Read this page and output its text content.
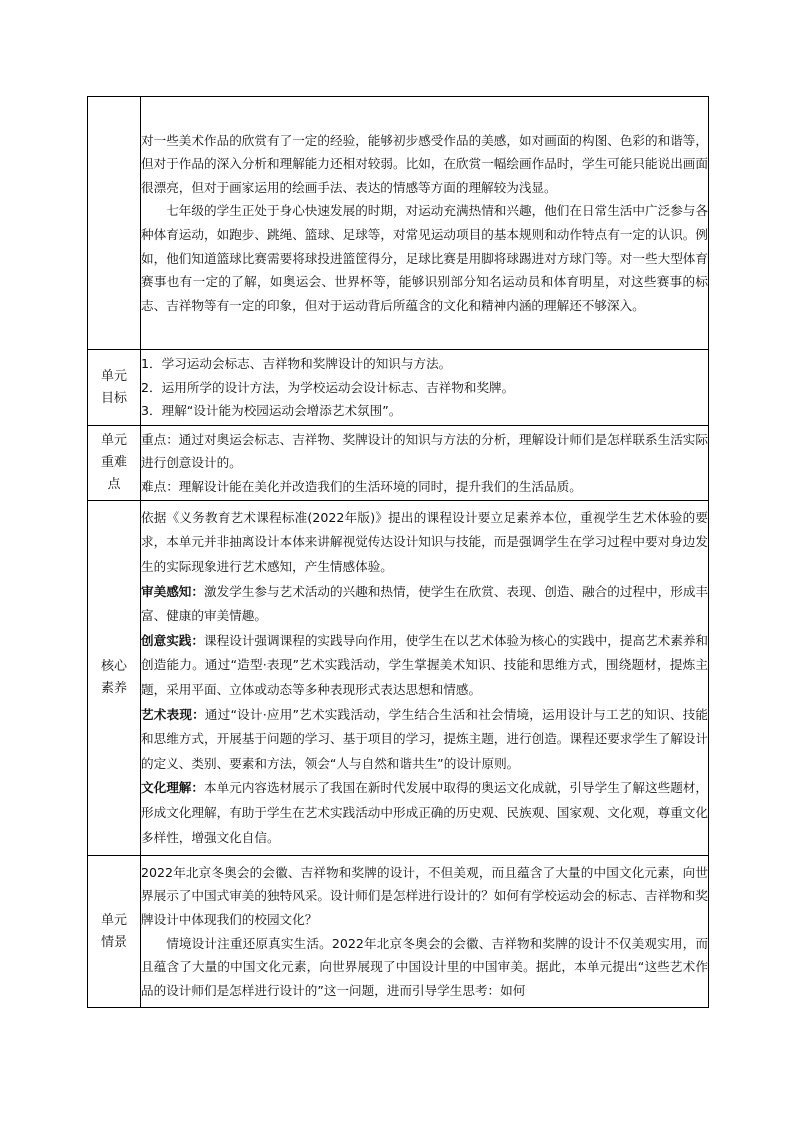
	对一些美术作品的欣赏有了一定的经验，能够初步感受作品的美感，如对画面的构图、色彩的和谐等，但对于作品的深入分析和理解能力还相对较弱。比如，在欣赏一幅绘画作品时，学生可能只能说出画面很漂亮，但对于画家运用的绘画手法、表达的情感等方面的理解较为浅显。

七年级的学生正处于身心快速发展的时期，对运动充满热情和兴趣，他们在日常生活中广泛参与各种体育运动，如跑步、跳绳、篮球、足球等，对常见运动项目的基本规则和动作特点有一定的认识。例如，他们知道篮球比赛需要将球投进篮筐得分，足球比赛是用脚将球踢进对方球门等。对一些大型体育赛事也有一定的了解，如奥运会、世界杯等，能够识别部分知名运动员和体育明星，对这些赛事的标志、吉祥物等有一定的印象，但对于运动背后所蕴含的文化和精神内涵的理解还不够深入。

单元目标	1．学习运动会标志、吉祥物和奖牌设计的知识与方法。

2．运用所学的设计方法，为学校运动会设计标志、吉祥物和奖牌。

3．理解“设计能为校园运动会增添艺术氛围”。

单元重难点	重点：通过对奥运会标志、吉祥物、奖牌设计的知识与方法的分析，理解设计师们是怎样联系生活实际进行创意设计的。

难点：理解设计能在美化并改造我们的生活环境的同时，提升我们的生活品质。

核心素养	依据《义务教育艺术课程标准(2022年版)》提出的课程设计要立足素养本位，重视学生艺术体验的要求，本单元并非抽离设计本体来讲解视觉传达设计知识与技能，而是强调学生在学习过程中要对身边发生的实际现象进行艺术感知，产生情感体验。

审美感知：激发学生参与艺术活动的兴趣和热情，使学生在欣赏、表现、创造、融合的过程中，形成丰富、健康的审美情趣。

创意实践：课程设计强调课程的实践导向作用，使学生在以艺术体验为核心的实践中，提高艺术素养和创造能力。通过“造型·表现”艺术实践活动，学生掌握美术知识、技能和思维方式，围绕题材，提炼主题，采用平面、立体或动态等多种表现形式表达思想和情感。

艺术表现：通过“设计·应用”艺术实践活动，学生结合生活和社会情境，运用设计与工艺的知识、技能和思维方式，开展基于问题的学习、基于项目的学习，提炼主题，进行创造。课程还要求学生了解设计的定义、类别、要素和方法，领会“人与自然和谐共生”的设计原则。

文化理解：本单元内容选材展示了我国在新时代发展中取得的奥运文化成就，引导学生了解这些题材，形成文化理解，有助于学生在艺术实践活动中形成正确的历史观、民族观、国家观、文化观，尊重文化多样性，增强文化自信。

单元情景	2022年北京冬奥会的会徽、吉祥物和奖牌的设计，不但美观，而且蕴含了大量的中国文化元素，向世界展示了中国式审美的独特风采。设计师们是怎样进行设计的？如何有学校运动会的标志、吉祥物和奖牌设计中体现我们的校园文化？

情境设计注重还原真实生活。2022年北京冬奥会的会徽、吉祥物和奖牌的设计不仅美观实用，而且蕴含了大量的中国文化元素，向世界展现了中国设计里的中国审美。据此，本单元提出“这些艺术作品的设计师们是怎样进行设计的”这一问题，进而引导学生思考：如何
